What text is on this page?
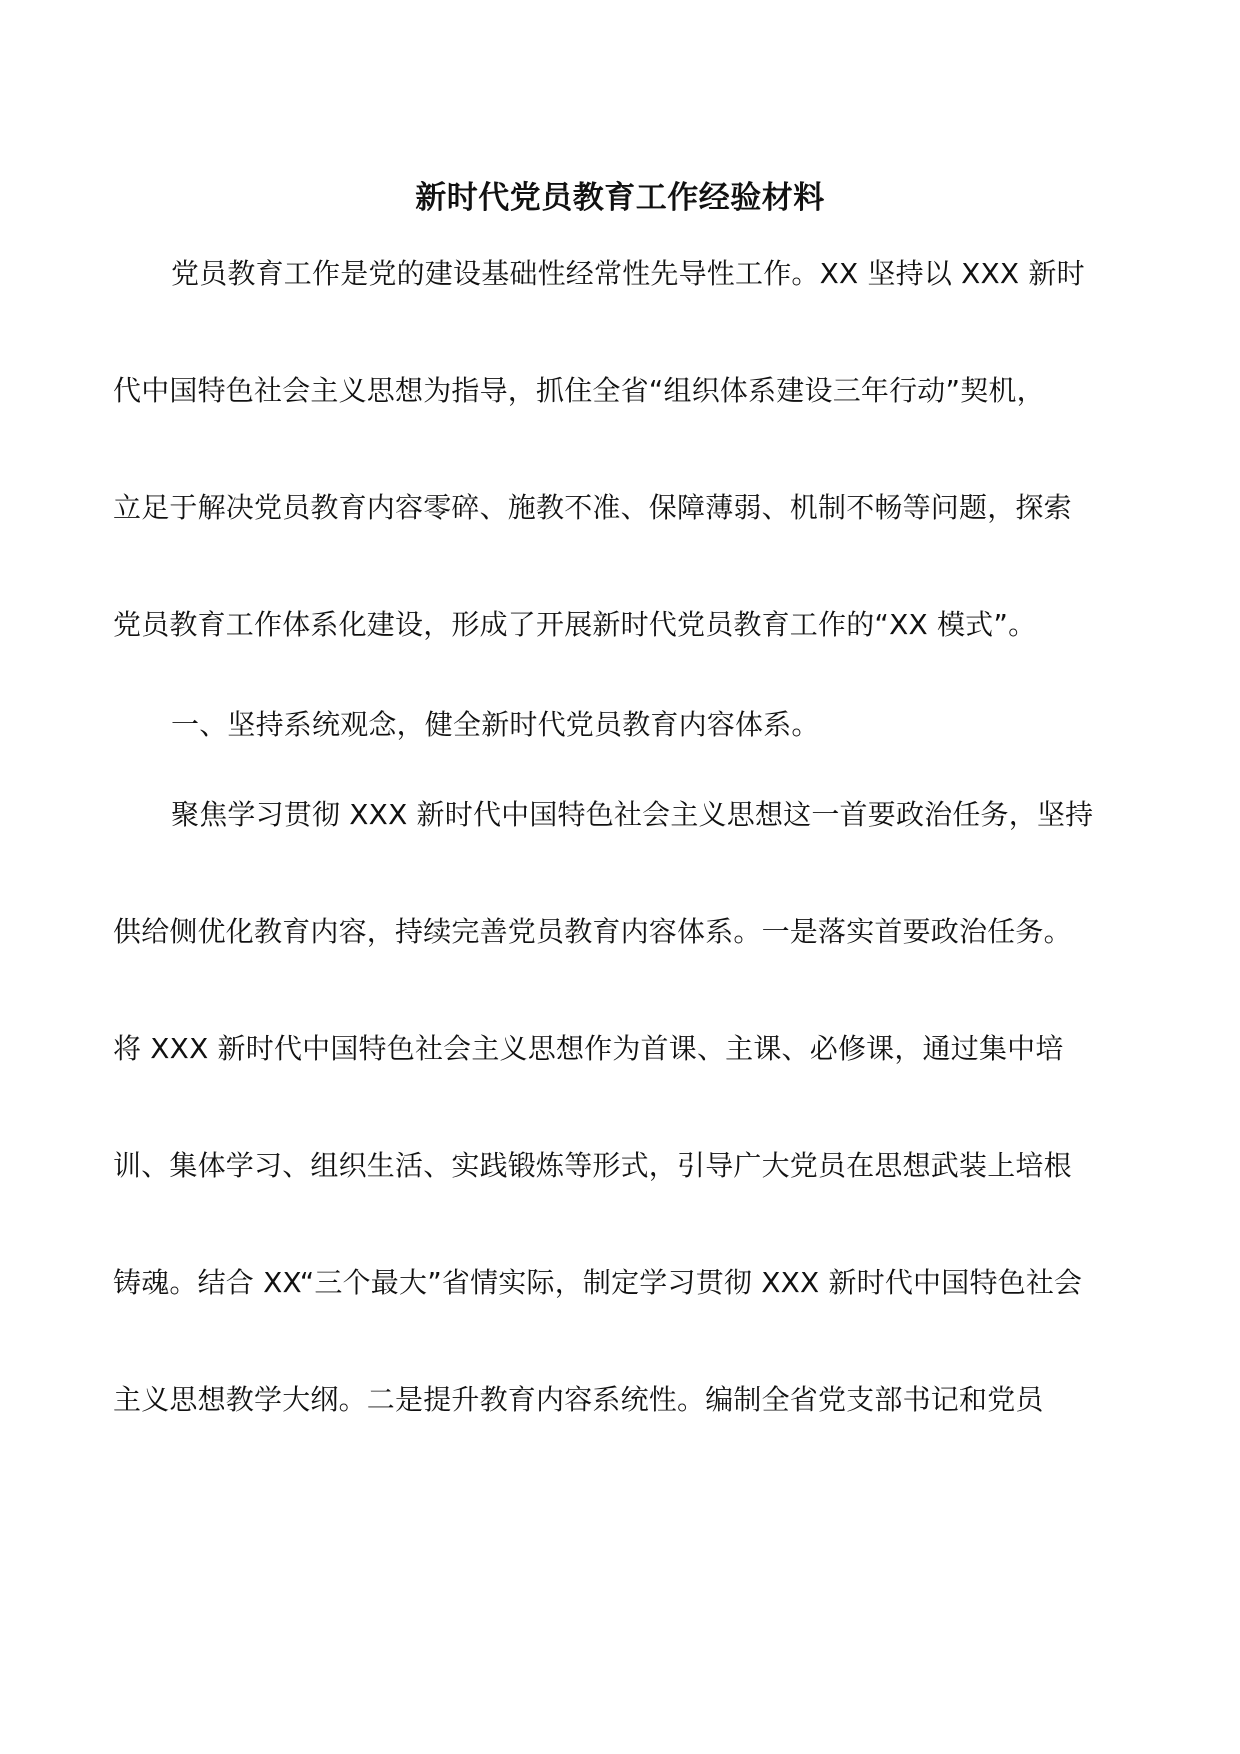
新时代党员教育工作经验材料
党员教育工作是党的建设基础性经常性先导性工作。XX 坚持以 XXX 新时
代中国特色社会主义思想为指导，抓住全省“组织体系建设三年行动”契机，
立足于解决党员教育内容零碎、施教不准、保障薄弱、机制不畅等问题，探索
党员教育工作体系化建设，形成了开展新时代党员教育工作的“XX 模式”。
一、坚持系统观念，健全新时代党员教育内容体系。
聚焦学习贯彻 XXX 新时代中国特色社会主义思想这一首要政治任务，坚持
供给侧优化教育内容，持续完善党员教育内容体系。一是落实首要政治任务。
将 XXX 新时代中国特色社会主义思想作为首课、主课、必修课，通过集中培
训、集体学习、组织生活、实践锻炼等形式，引导广大党员在思想武装上培根
铸魂。结合 XX“三个最大”省情实际，制定学习贯彻 XXX 新时代中国特色社会
主义思想教学大纲。二是提升教育内容系统性。编制全省党支部书记和党员
